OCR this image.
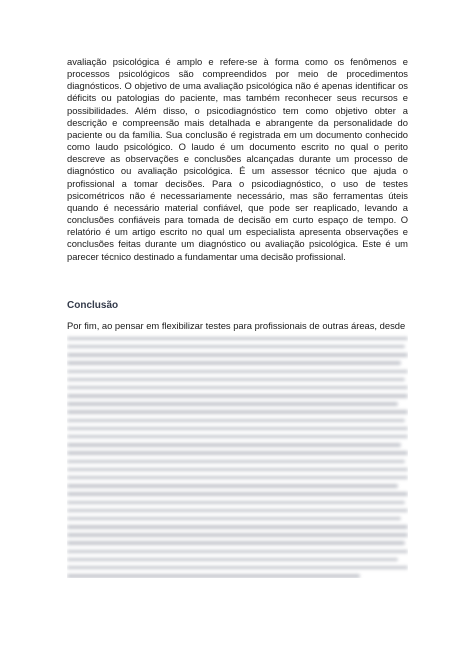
avaliação psicológica é amplo e refere-se à forma como os fenômenos e processos psicológicos são compreendidos por meio de procedimentos diagnósticos. O objetivo de uma avaliação psicológica não é apenas identificar os déficits ou patologias do paciente, mas também reconhecer seus recursos e possibilidades. Além disso, o psicodiagnóstico tem como objetivo obter a descrição e compreensão mais detalhada e abrangente da personalidade do paciente ou da família. Sua conclusão é registrada em um documento conhecido como laudo psicológico. O laudo é um documento escrito no qual o perito descreve as observações e conclusões alcançadas durante um processo de diagnóstico ou avaliação psicológica. É um assessor técnico que ajuda o profissional a tomar decisões. Para o psicodiagnóstico, o uso de testes psicométricos não é necessariamente necessário, mas são ferramentas úteis quando é necessário material confiável, que pode ser reaplicado, levando a conclusões confiáveis para tomada de decisão em curto espaço de tempo. O relatório é um artigo escrito no qual um especialista apresenta observações e conclusões feitas durante um diagnóstico ou avaliação psicológica. Este é um parecer técnico destinado a fundamentar uma decisão profissional.

Conclusão

Por fim, ao pensar em flexibilizar testes para profissionais de outras áreas, desde
